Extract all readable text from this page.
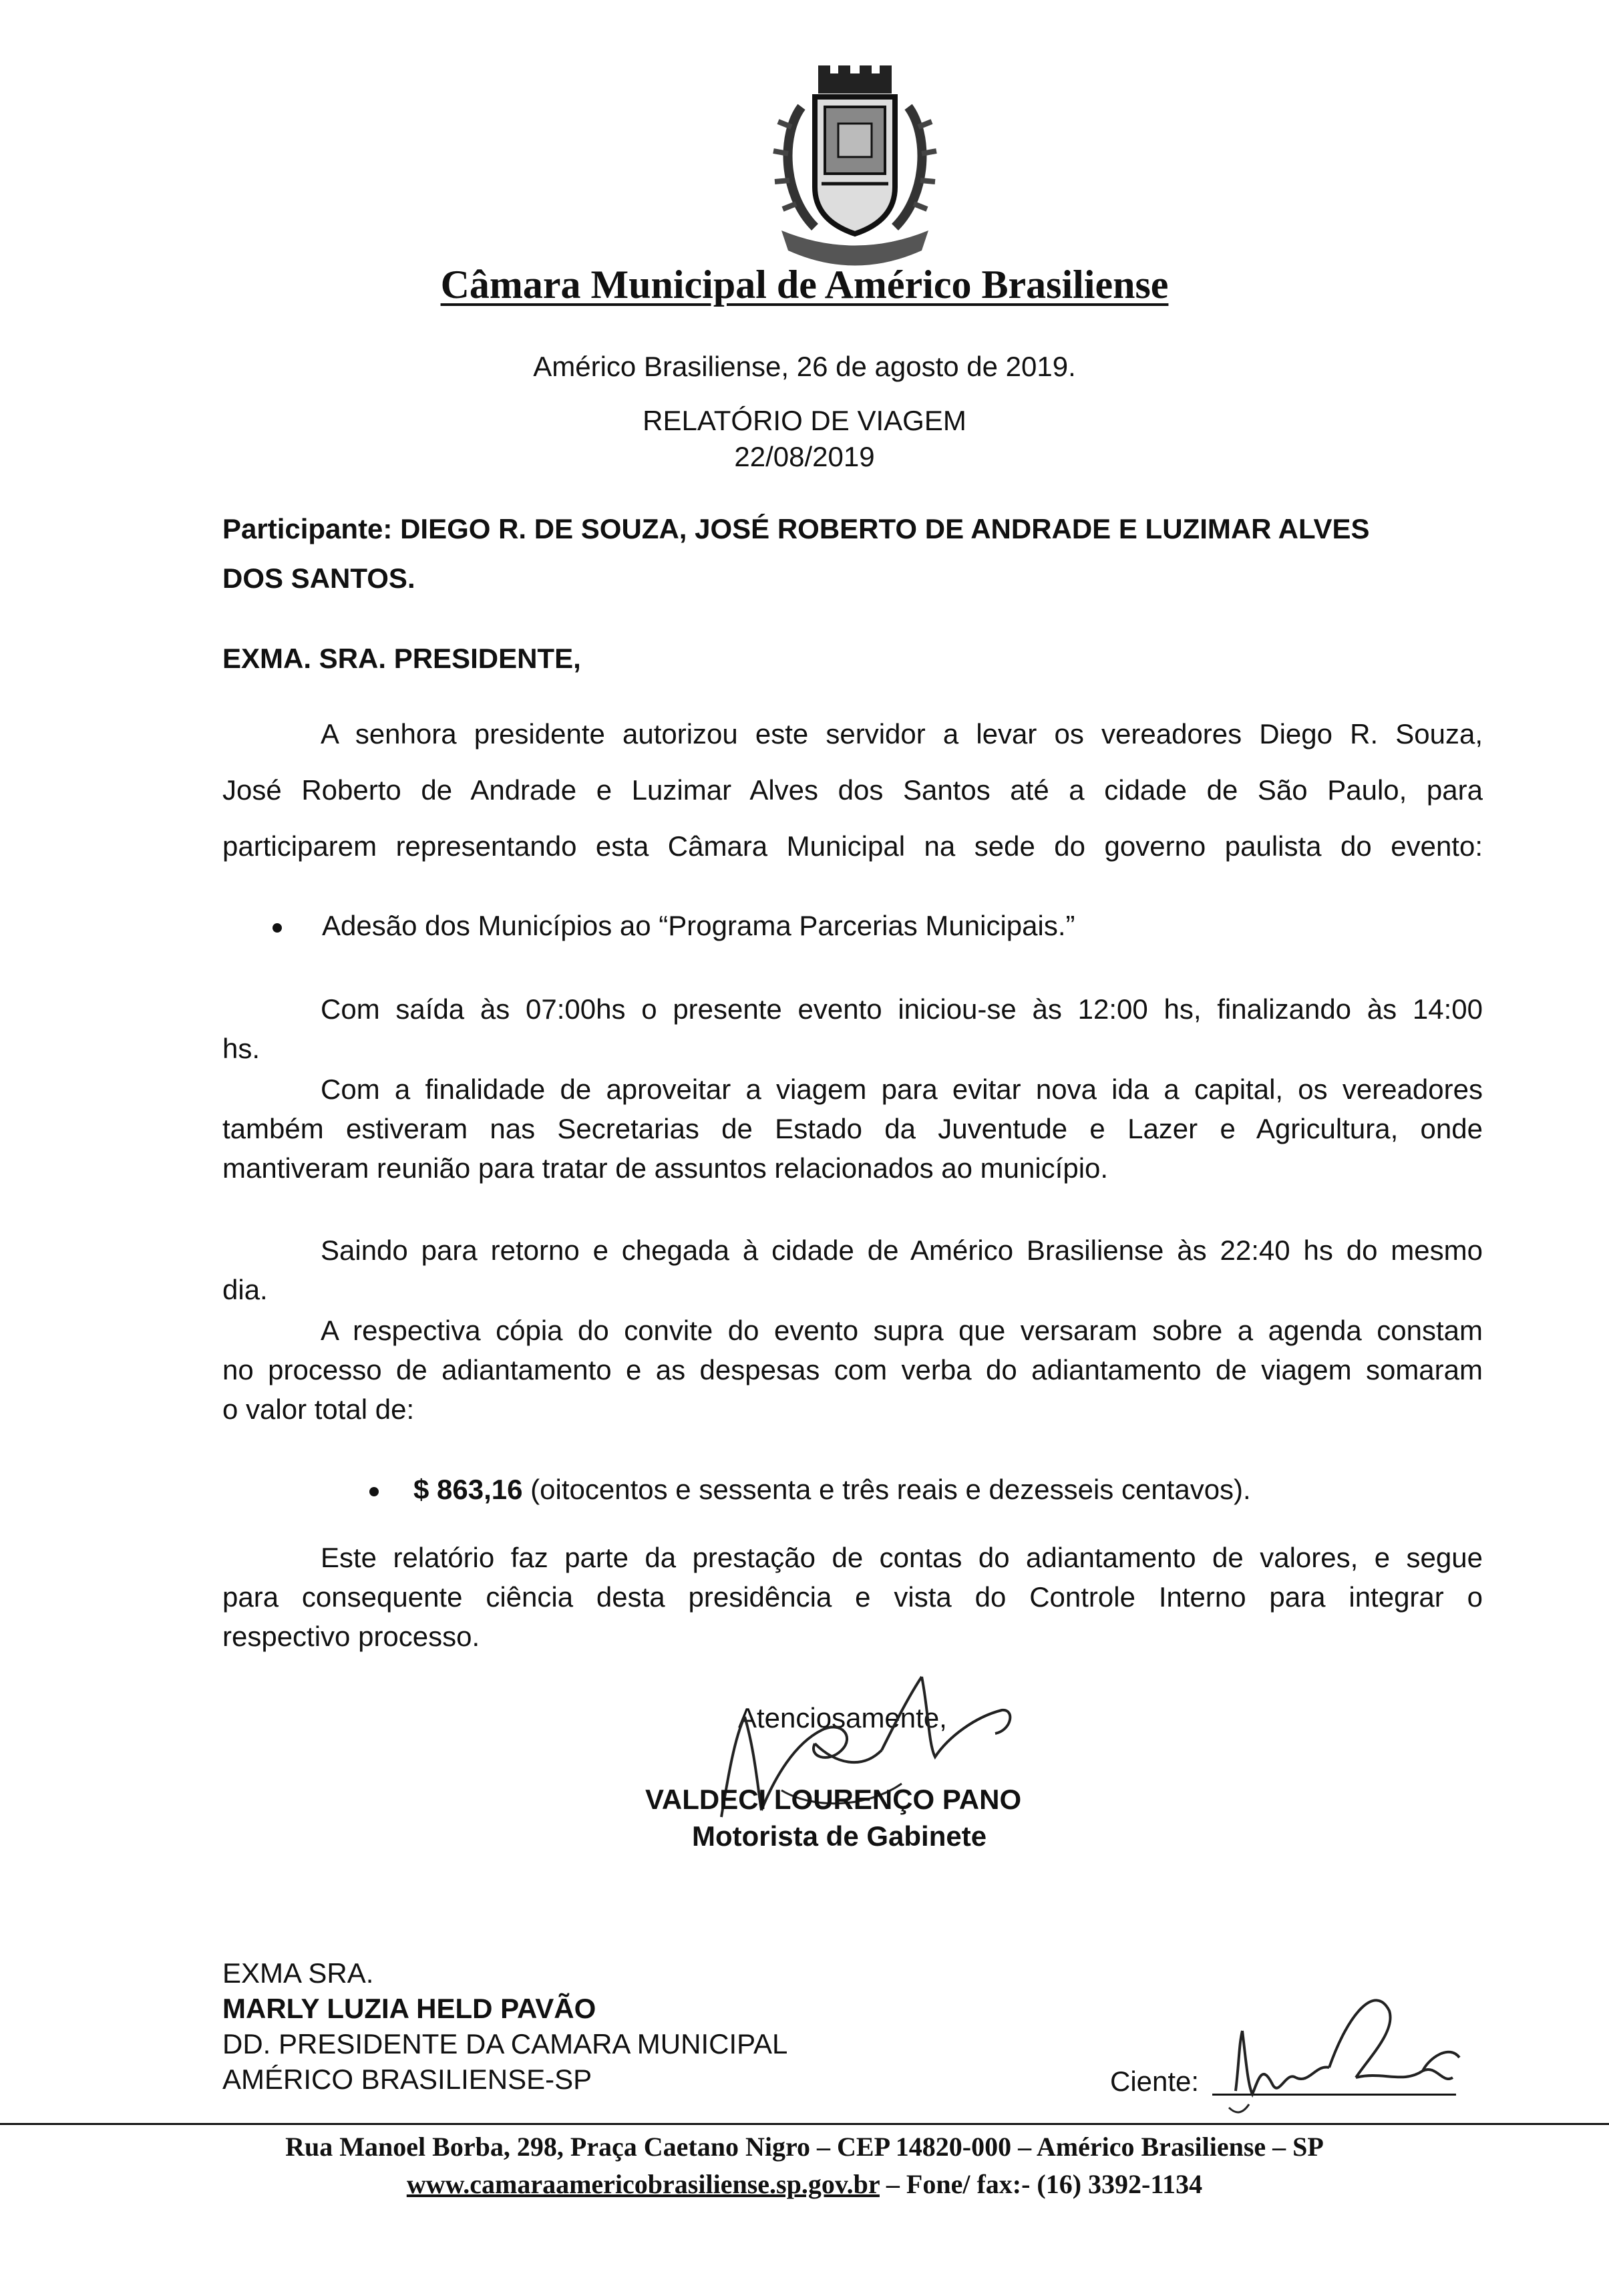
Câmara Municipal de Américo Brasiliense
Américo Brasiliense, 26 de agosto de 2019.
RELATÓRIO DE VIAGEM
22/08/2019
Participante: DIEGO R. DE SOUZA, JOSÉ ROBERTO DE ANDRADE E LUZIMAR ALVES
DOS SANTOS.
EXMA. SRA. PRESIDENTE,
A senhora presidente autorizou este servidor a levar os vereadores Diego R. Souza,
José Roberto de Andrade e Luzimar Alves dos Santos até a cidade de São Paulo, para
participarem representando esta Câmara Municipal na sede do governo paulista do evento:
Adesão dos Municípios ao “Programa Parcerias Municipais.”
Com saída às 07:00hs o presente evento iniciou-se às 12:00 hs, finalizando às 14:00
hs.
Com a finalidade de aproveitar a viagem para evitar nova ida a capital, os vereadores
também estiveram nas Secretarias de Estado da Juventude e Lazer e Agricultura, onde
mantiveram reunião para tratar de assuntos relacionados ao município.
Saindo para retorno e chegada à cidade de Américo Brasiliense às 22:40 hs do mesmo
dia.
A respectiva cópia do convite do evento supra que versaram sobre a agenda constam
no processo de adiantamento e as despesas com verba do adiantamento de viagem somaram
o valor total de:
$ 863,16 (oitocentos e sessenta e três reais e dezesseis centavos).
Este relatório faz parte da prestação de contas do adiantamento de valores, e segue
para consequente ciência desta presidência e vista do Controle Interno para integrar o
respectivo processo.
Atenciosamente,
VALDECI LOURENÇO PANO
Motorista de Gabinete
EXMA SRA.
MARLY LUZIA HELD PAVÃO
DD. PRESIDENTE DA CAMARA MUNICIPAL
AMÉRICO BRASILIENSE-SP	Ciente:
Rua Manoel Borba, 298, Praça Caetano Nigro – CEP 14820-000 – Américo Brasiliense – SP
www.camaraamericobrasiliense.sp.gov.br – Fone/ fax:- (16) 3392-1134
